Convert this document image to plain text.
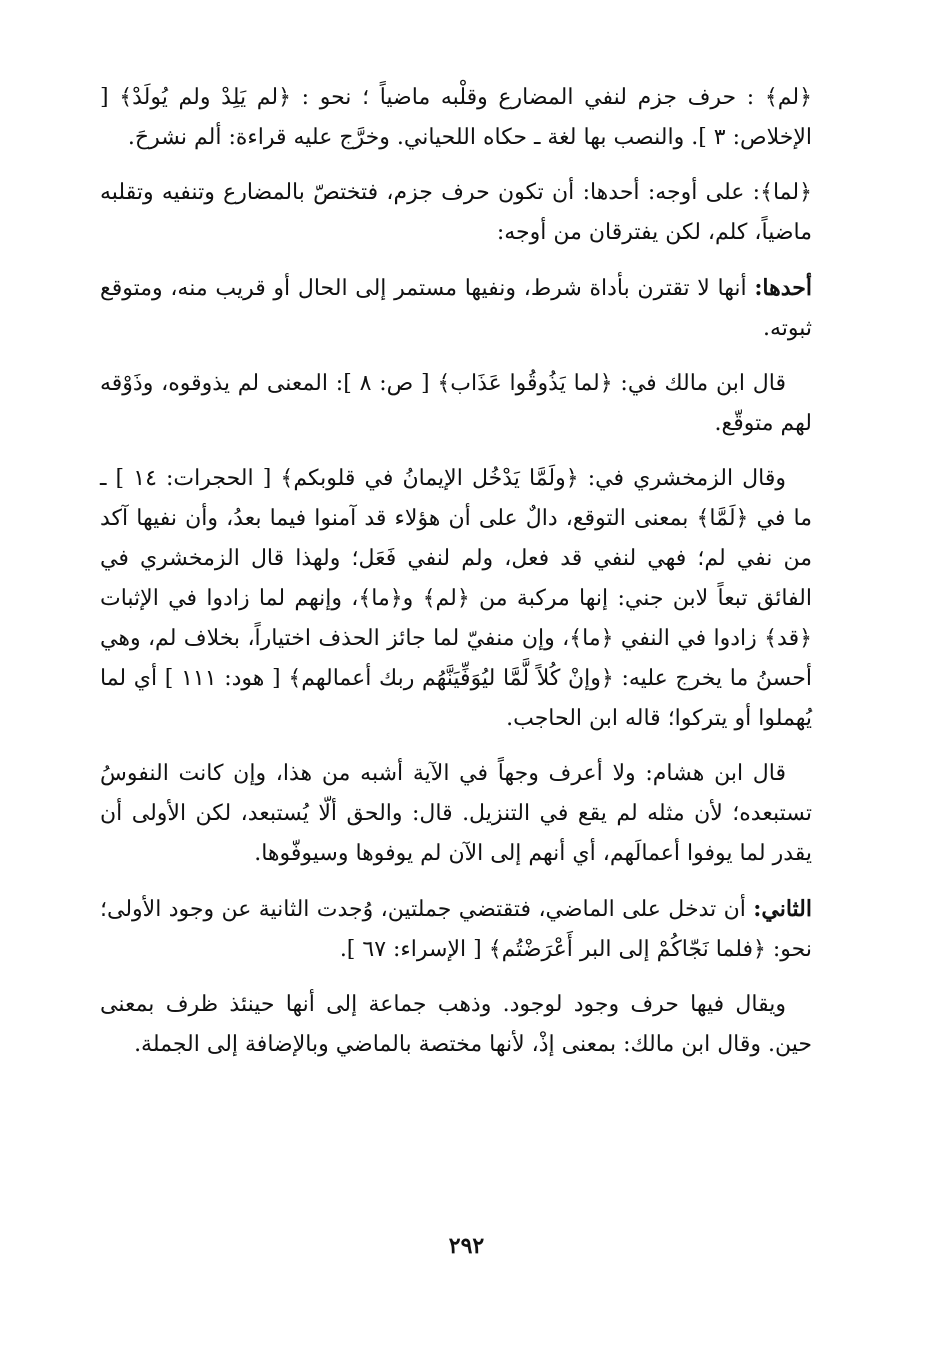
﴿لم﴾ : حرف جزم لنفي المضارع وقلْبه ماضياً ؛ نحو : ﴿لم يَلِدْ ولم يُولَدْ﴾ [ الإخلاص: ٣ ]. والنصب بها لغة ـ حكاه اللحياني. وخرَّج عليه قراءة: ألم نشرحَ.

﴿لما﴾: على أوجه: أحدها: أن تكون حرف جزم، فتختصّ بالمضارع وتنفيه وتقلبه ماضياً، كلم، لكن يفترقان من أوجه:

أحدها: أنها لا تقترن بأداة شرط، ونفيها مستمر إلى الحال أو قريب منه، ومتوقع ثبوته.

قال ابن مالك في: ﴿لما يَذُوقُوا عَذَاب﴾ [ ص: ٨ ]: المعنى لم يذوقوه، وذَوْقه لهم متوقّع.

وقال الزمخشري في: ﴿ولَمَّا يَدْخُل الإيمانُ في قلوبكم﴾ [ الحجرات: ١٤ ] ـ ما في ﴿لَمَّا﴾ بمعنى التوقع، دالٌ على أن هؤلاء قد آمنوا فيما بعدُ، وأن نفيها آكد من نفي لم؛ فهي لنفي قد فعل، ولم لنفي فَعَل؛ ولهذا قال الزمخشري في الفائق تبعاً لابن جني: إنها مركبة من ﴿لم﴾ و﴿ما﴾، وإنهم لما زادوا في الإثبات ﴿قد﴾ زادوا في النفي ﴿ما﴾، وإن منفيّ لما جائز الحذف اختياراً، بخلاف لم، وهي أحسنُ ما يخرج عليه: ﴿وإنْ كُلاً لَّمَّا ليُوَفِّيَنَّهُم ربك أعمالهم﴾ [ هود: ١١١ ] أي لما يُهملوا أو يتركوا؛ قاله ابن الحاجب.

قال ابن هشام: ولا أعرف وجهاً في الآية أشبه من هذا، وإن كانت النفوسُ تستبعده؛ لأن مثله لم يقع في التنزيل. قال: والحق ألّا يُستبعد، لكن الأولى أن يقدر لما يوفوا أعمالَهم، أي أنهم إلى الآن لم يوفوها وسيوفّوها.

الثاني: أن تدخل على الماضي، فتقتضي جملتين، وُجدت الثانية عن وجود الأولى؛ نحو: ﴿فلما نَجّاكُمْ إلى البر أَعْرَضْتُم﴾ [ الإسراء: ٦٧ ].

ويقال فيها حرف وجود لوجود. وذهب جماعة إلى أنها حينئذ ظرف بمعنى حين. وقال ابن مالك: بمعنى إذْ، لأنها مختصة بالماضي وبالإضافة إلى الجملة.

٢٩٢
